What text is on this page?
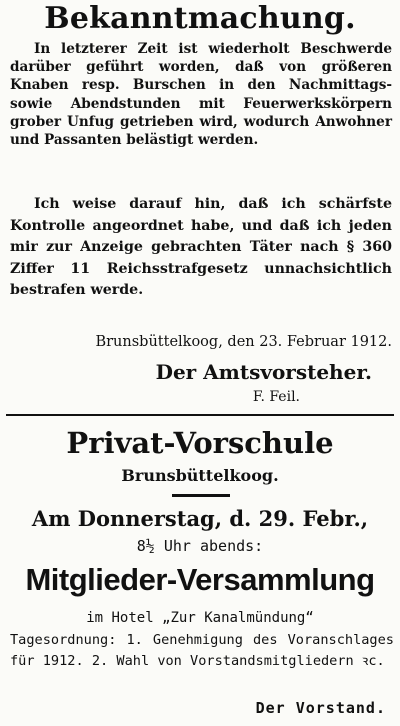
Bekanntmachung.
In letzterer Zeit ist wiederholt Beschwerde darüber geführt worden, daß von größeren Knaben resp. Burschen in den Nachmittags- sowie Abendstunden mit Feuerwerkskörpern grober Unfug getrieben wird, wodurch Anwohner und Passanten belästigt werden.
Ich weise darauf hin, daß ich schärfste Kontrolle angeordnet habe, und daß ich jeden mir zur Anzeige gebrachten Täter nach § 360 Ziffer 11 Reichsstrafgesetz unnachsichtlich bestrafen werde.
Brunsbüttelkoog, den 23. Februar 1912.
Der Amtsvorsteher.
F. Feil.
Privat-Vorschule
Brunsbüttelkoog.
Am Donnerstag, d. 29. Febr.,
8½ Uhr abends:
Mitglieder-Versammlung
im Hotel „Zur Kanalmündung“
Tagesordnung: 1. Genehmigung des Voranschlages für 1912. 2. Wahl von Vorstandsmitgliedern ꝛc.
Der Vorstand.
